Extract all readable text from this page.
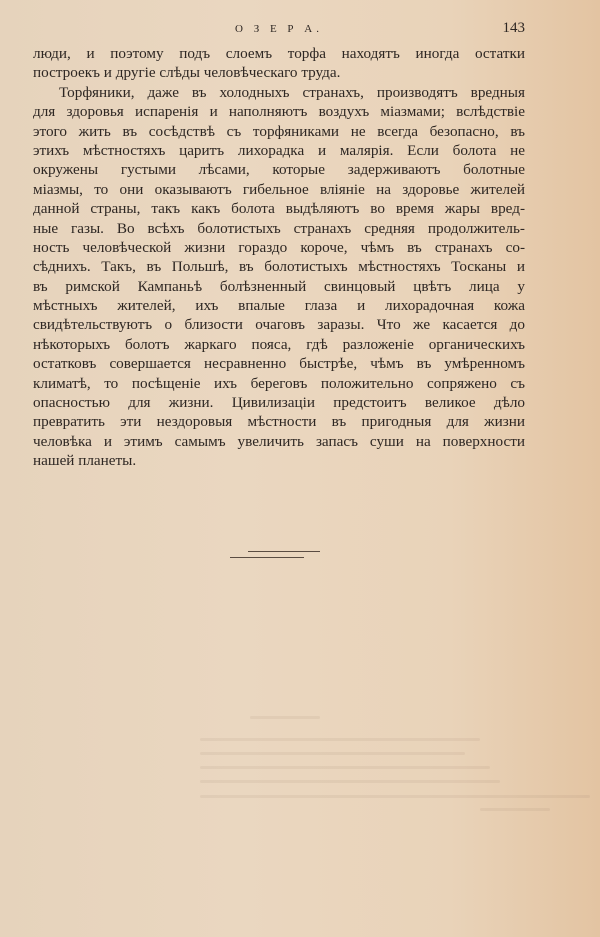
О З Е Р А.	143
люди, и поэтому подъ слоемъ торфа находятъ иногда остатки
построекъ и другіе слѣды человѣческаго труда.
Торфяники, даже въ холодныхъ странахъ, производятъ вредныя
для здоровья испаренія и наполняютъ воздухъ міазмами; вслѣдствіе
этого жить въ сосѣдствѣ съ торфяниками не всегда безопасно, въ
этихъ мѣстностяхъ царитъ лихорадка и малярія. Если болота не
окружены густыми лѣсами, которые задерживаютъ болотные
міазмы, то они оказываютъ гибельное вліяніе на здоровье жителей
данной страны, такъ какъ болота выдѣляютъ во время жары вред-
ные газы. Во всѣхъ болотистыхъ странахъ средняя продолжитель-
ность человѣческой жизни гораздо короче, чѣмъ въ странахъ со-
сѣднихъ. Такъ, въ Польшѣ, въ болотистыхъ мѣстностяхъ Тосканы и
въ римской Кампаньѣ болѣзненный свинцовый цвѣтъ лица у
мѣстныхъ жителей, ихъ впалые глаза и лихорадочная кожа
свидѣтельствуютъ о близости очаговъ заразы. Что же касается до
нѣкоторыхъ болотъ жаркаго пояса, гдѣ разложеніе органическихъ
остатковъ совершается несравненно быстрѣе, чѣмъ въ умѣренномъ
климатѣ, то посѣщеніе ихъ береговъ положительно сопряжено съ
опасностью для жизни. Цивилизаціи предстоитъ великое дѣло
превратить эти нездоровыя мѣстности въ пригодныя для жизни
человѣка и этимъ самымъ увеличить запасъ суши на поверхности
нашей планеты.
